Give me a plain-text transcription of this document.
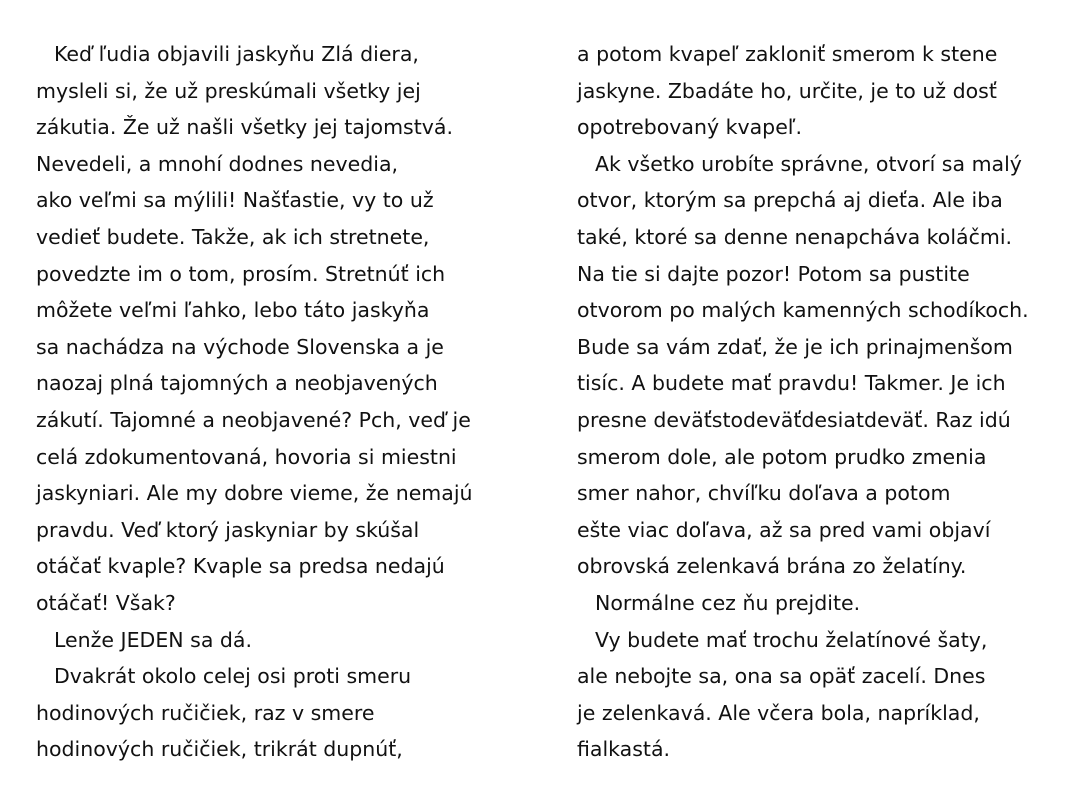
Keď ľudia objavili jaskyňu Zlá diera,
mysleli si, že už preskúmali všetky jej
zákutia. Že už našli všetky jej tajomstvá.
Nevedeli, a mnohí dodnes nevedia,
ako veľmi sa mýlili! Našťastie, vy to už
vedieť budete. Takže, ak ich stretnete,
povedzte im o tom, prosím. Stretnúť ich
môžete veľmi ľahko, lebo táto jaskyňa
sa nachádza na východe Slovenska a je
naozaj plná tajomných a neobjavených
zákutí. Tajomné a neobjavené? Pch, veď je
celá zdokumentovaná, hovoria si miestni
jaskyniari. Ale my dobre vieme, že nemajú
pravdu. Veď ktorý jaskyniar by skúšal
otáčať kvaple? Kvaple sa predsa nedajú
otáčať! Však?
Lenže JEDEN sa dá.
Dvakrát okolo celej osi proti smeru
hodinových ručičiek, raz v smere
hodinových ručičiek, trikrát dupnúť,
a potom kvapeľ zakloniť smerom k stene
jaskyne. Zbadáte ho, určite, je to už dosť
opotrebovaný kvapeľ.
Ak všetko urobíte správne, otvorí sa malý
otvor, ktorým sa prepchá aj dieťa. Ale iba
také, ktoré sa denne nenapcháva koláčmi.
Na tie si dajte pozor! Potom sa pustite
otvorom po malých kamenných schodíkoch.
Bude sa vám zdať, že je ich prinajmenšom
tisíc. A budete mať pravdu! Takmer. Je ich
presne deväťstodeväťdesiatdeväť. Raz idú
smerom dole, ale potom prudko zmenia
smer nahor, chvíľku doľava a potom
ešte viac doľava, až sa pred vami objaví
obrovská zelenkavá brána zo želatíny.
Normálne cez ňu prejdite.
Vy budete mať trochu želatínové šaty,
ale nebojte sa, ona sa opäť zacelí. Dnes
je zelenkavá. Ale včera bola, napríklad,
fialkastá.
